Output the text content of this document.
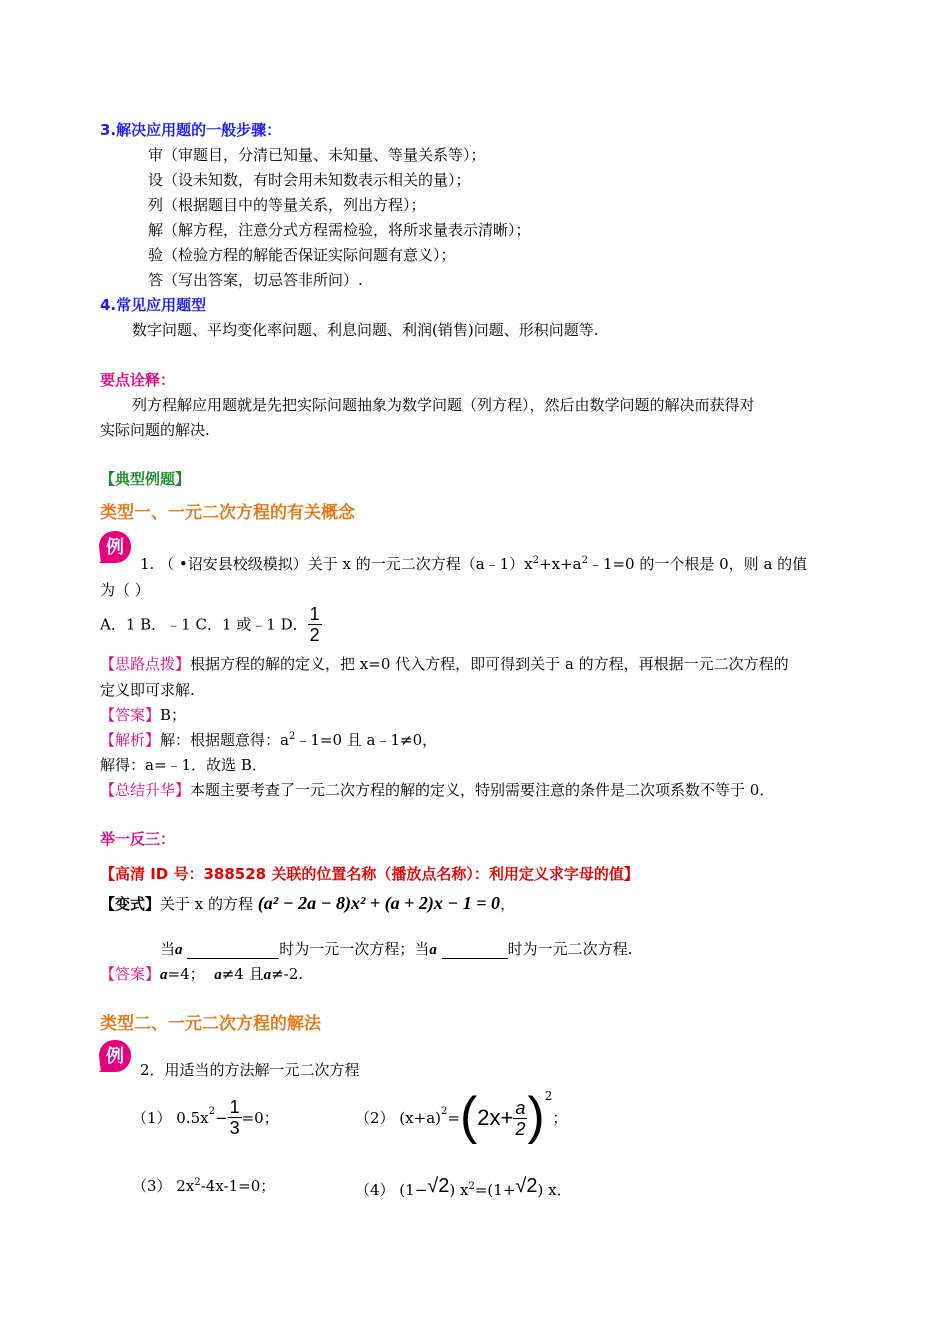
3.解决应用题的一般步骤：
审（审题目，分清已知量、未知量、等量关系等）；
设（设未知数，有时会用未知数表示相关的量）；
列（根据题目中的等量关系，列出方程）；
解（解方程，注意分式方程需检验，将所求量表示清晰）；
验（检验方程的解能否保证实际问题有意义）；
答（写出答案，切忌答非所问）.
4.常见应用题型
数字问题、平均变化率问题、利息问题、利润(销售)问题、形积问题等.
要点诠释：
列方程解应用题就是先把实际问题抽象为数学问题（列方程），然后由数学问题的解决而获得对
实际问题的解决.
【典型例题】
类型一、一元二次方程的有关概念
例
1. （ •诏安县校级模拟）关于 x 的一元二次方程$(a﹣1)x^2+x+a^2﹣1=0$ 的一个根是 0，则 a 的值
为（ ）
A．1 B．﹣1 C．1 或﹣1 D． $\frac{1}{2}$
【思路点拨】根据方程的解的定义，把 x=0 代入方程，即可得到关于 a 的方程，再根据一元二次方程的
定义即可求解.
【答案】B；
【解析】解：根据题意得：$a^2﹣1=0$ 且 a﹣1≠0，
解得：a=﹣1．故选 B．
【总结升华】本题主要考查了一元二次方程的解的定义，特别需要注意的条件是二次项系数不等于 0．
举一反三：
【高清 ID 号：388528 关联的位置名称（播放点名称）：利用定义求字母的值】
【变式】关于 x 的方程 (a² − 2a − 8)x² + (a + 2)x − 1 = 0，
当a	时为一元一次方程；当a	时为一元二次方程.
【答案】a=4； a≠4 且a≠-2.
类型二、一元二次方程的解法
例
2．用适当的方法解一元二次方程
（1） $0.5x^2 - \frac{1}{3} =0$；	（2） $(x+a)^2$ = ( $2x+ \frac{a}{2} )^2$
；
（3） $2x^2-4x-1=0$；	（4） (1−√2) $x^2=(1+√2)$ x．
